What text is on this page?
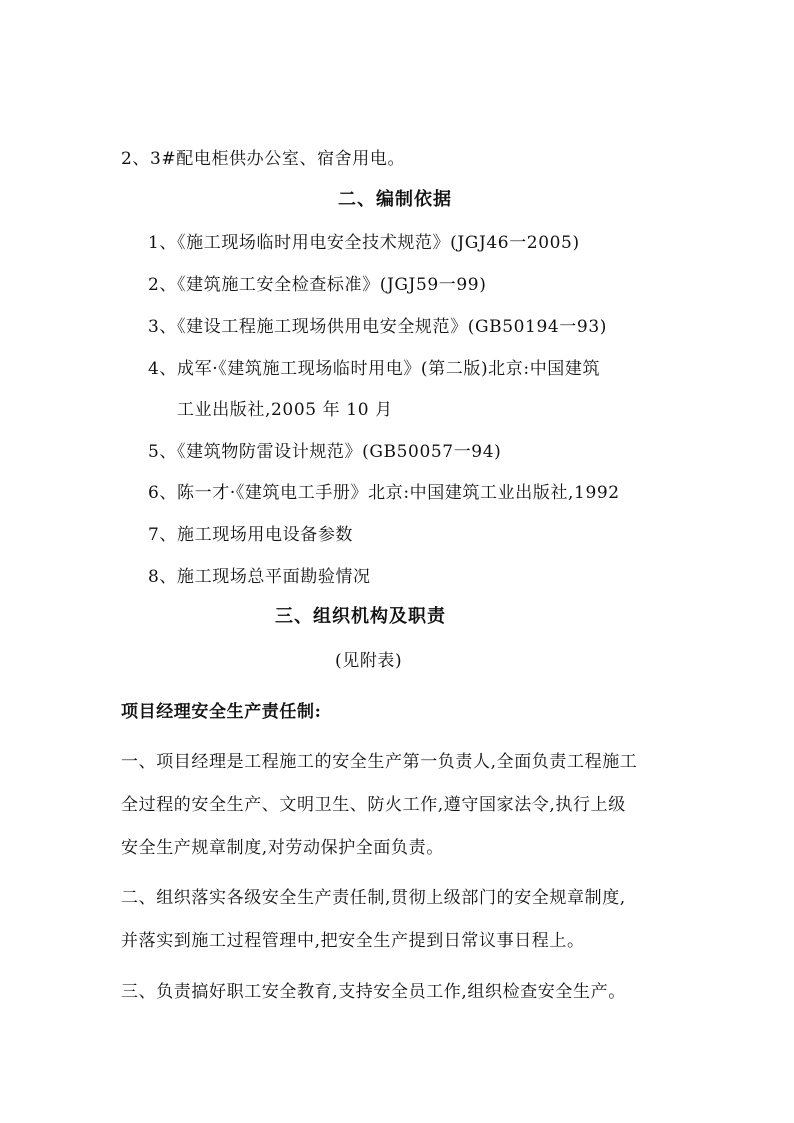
2、3#配电柜供办公室、宿舍用电。
二、编制依据
1、《施工现场临时用电安全技术规范》(JGJ46一2005)
2、《建筑施工安全检查标准》(JGJ59一99)
3、《建设工程施工现场供用电安全规范》(GB50194一93)
4、成军·《建筑施工现场临时用电》(第二版)北京:中国建筑
工业出版社,2005 年 10 月
5、《建筑物防雷设计规范》(GB50057一94)
6、陈一才·《建筑电工手册》北京:中国建筑工业出版社,1992
7、施工现场用电设备参数
8、施工现场总平面勘验情况
三、组织机构及职责
(见附表)
项目经理安全生产责任制:
一、项目经理是工程施工的安全生产第一负责人,全面负责工程施工
全过程的安全生产、文明卫生、防火工作,遵守国家法令,执行上级
安全生产规章制度,对劳动保护全面负责。
二、组织落实各级安全生产责任制,贯彻上级部门的安全规章制度,
并落实到施工过程管理中,把安全生产提到日常议事日程上。
三、负责搞好职工安全教育,支持安全员工作,组织检查安全生产。
